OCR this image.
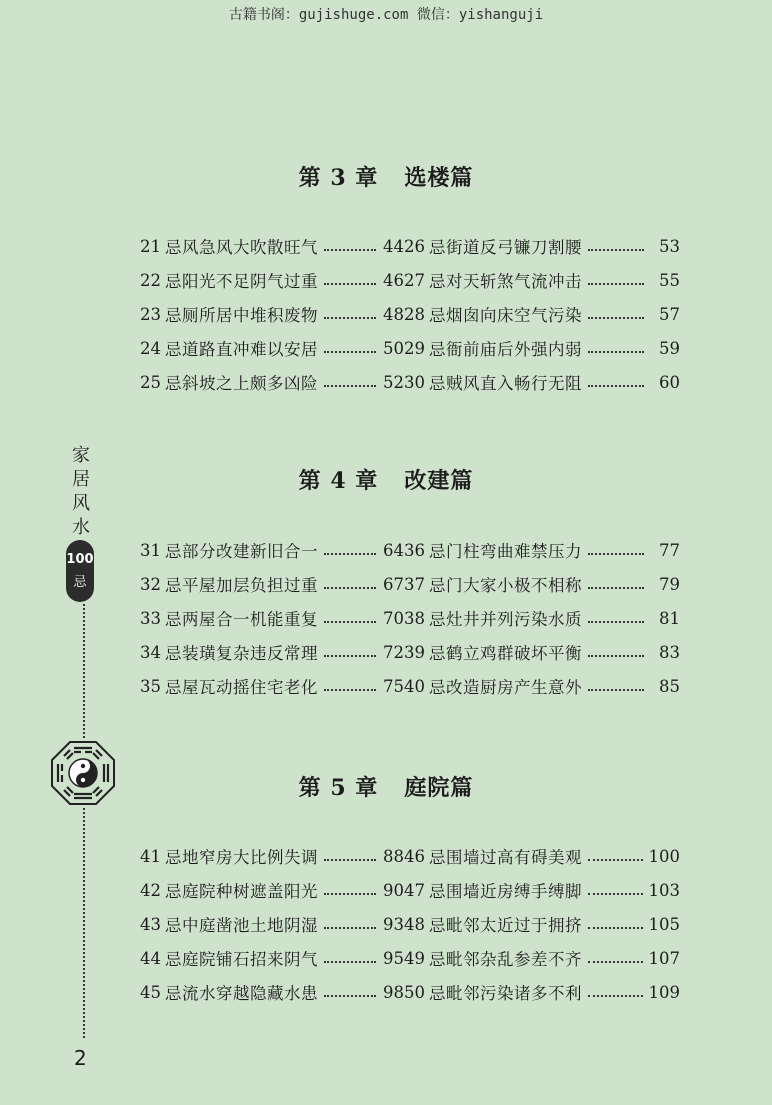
古籍书阁：gujishuge.com 微信：yishanguji
第 3 章 选楼篇
21 忌风急风大吹散旺气	44 26 忌街道反弓镰刀割腰	53
22 忌阳光不足阴气过重	46 27 忌对天斩煞气流冲击	55
23 忌厕所居中堆积废物	48 28 忌烟囱向床空气污染	57
24 忌道路直冲难以安居	50 29 忌衙前庙后外强内弱	59
25 忌斜坡之上颇多凶险	52 30 忌贼风直入畅行无阻	60
第 4 章 改建篇
31 忌部分改建新旧合一	64 36 忌门柱弯曲难禁压力	77
32 忌平屋加层负担过重	67 37 忌门大家小极不相称	79
33 忌两屋合一机能重复	70 38 忌灶井并列污染水质	81
34 忌装璜复杂违反常理	72 39 忌鹤立鸡群破坏平衡	83
35 忌屋瓦动摇住宅老化	75 40 忌改造厨房产生意外	85
第 5 章 庭院篇
41 忌地窄房大比例失调	88 46 忌围墙过高有碍美观	100
42 忌庭院种树遮盖阳光	90 47 忌围墙近房缚手缚脚	103
43 忌中庭凿池土地阴湿	93 48 忌毗邻太近过于拥挤	105
44 忌庭院铺石招来阴气	95 49 忌毗邻杂乱参差不齐	107
45 忌流水穿越隐藏水患	98 50 忌毗邻污染诸多不利	109
家
居
风
水
100
忌
2
